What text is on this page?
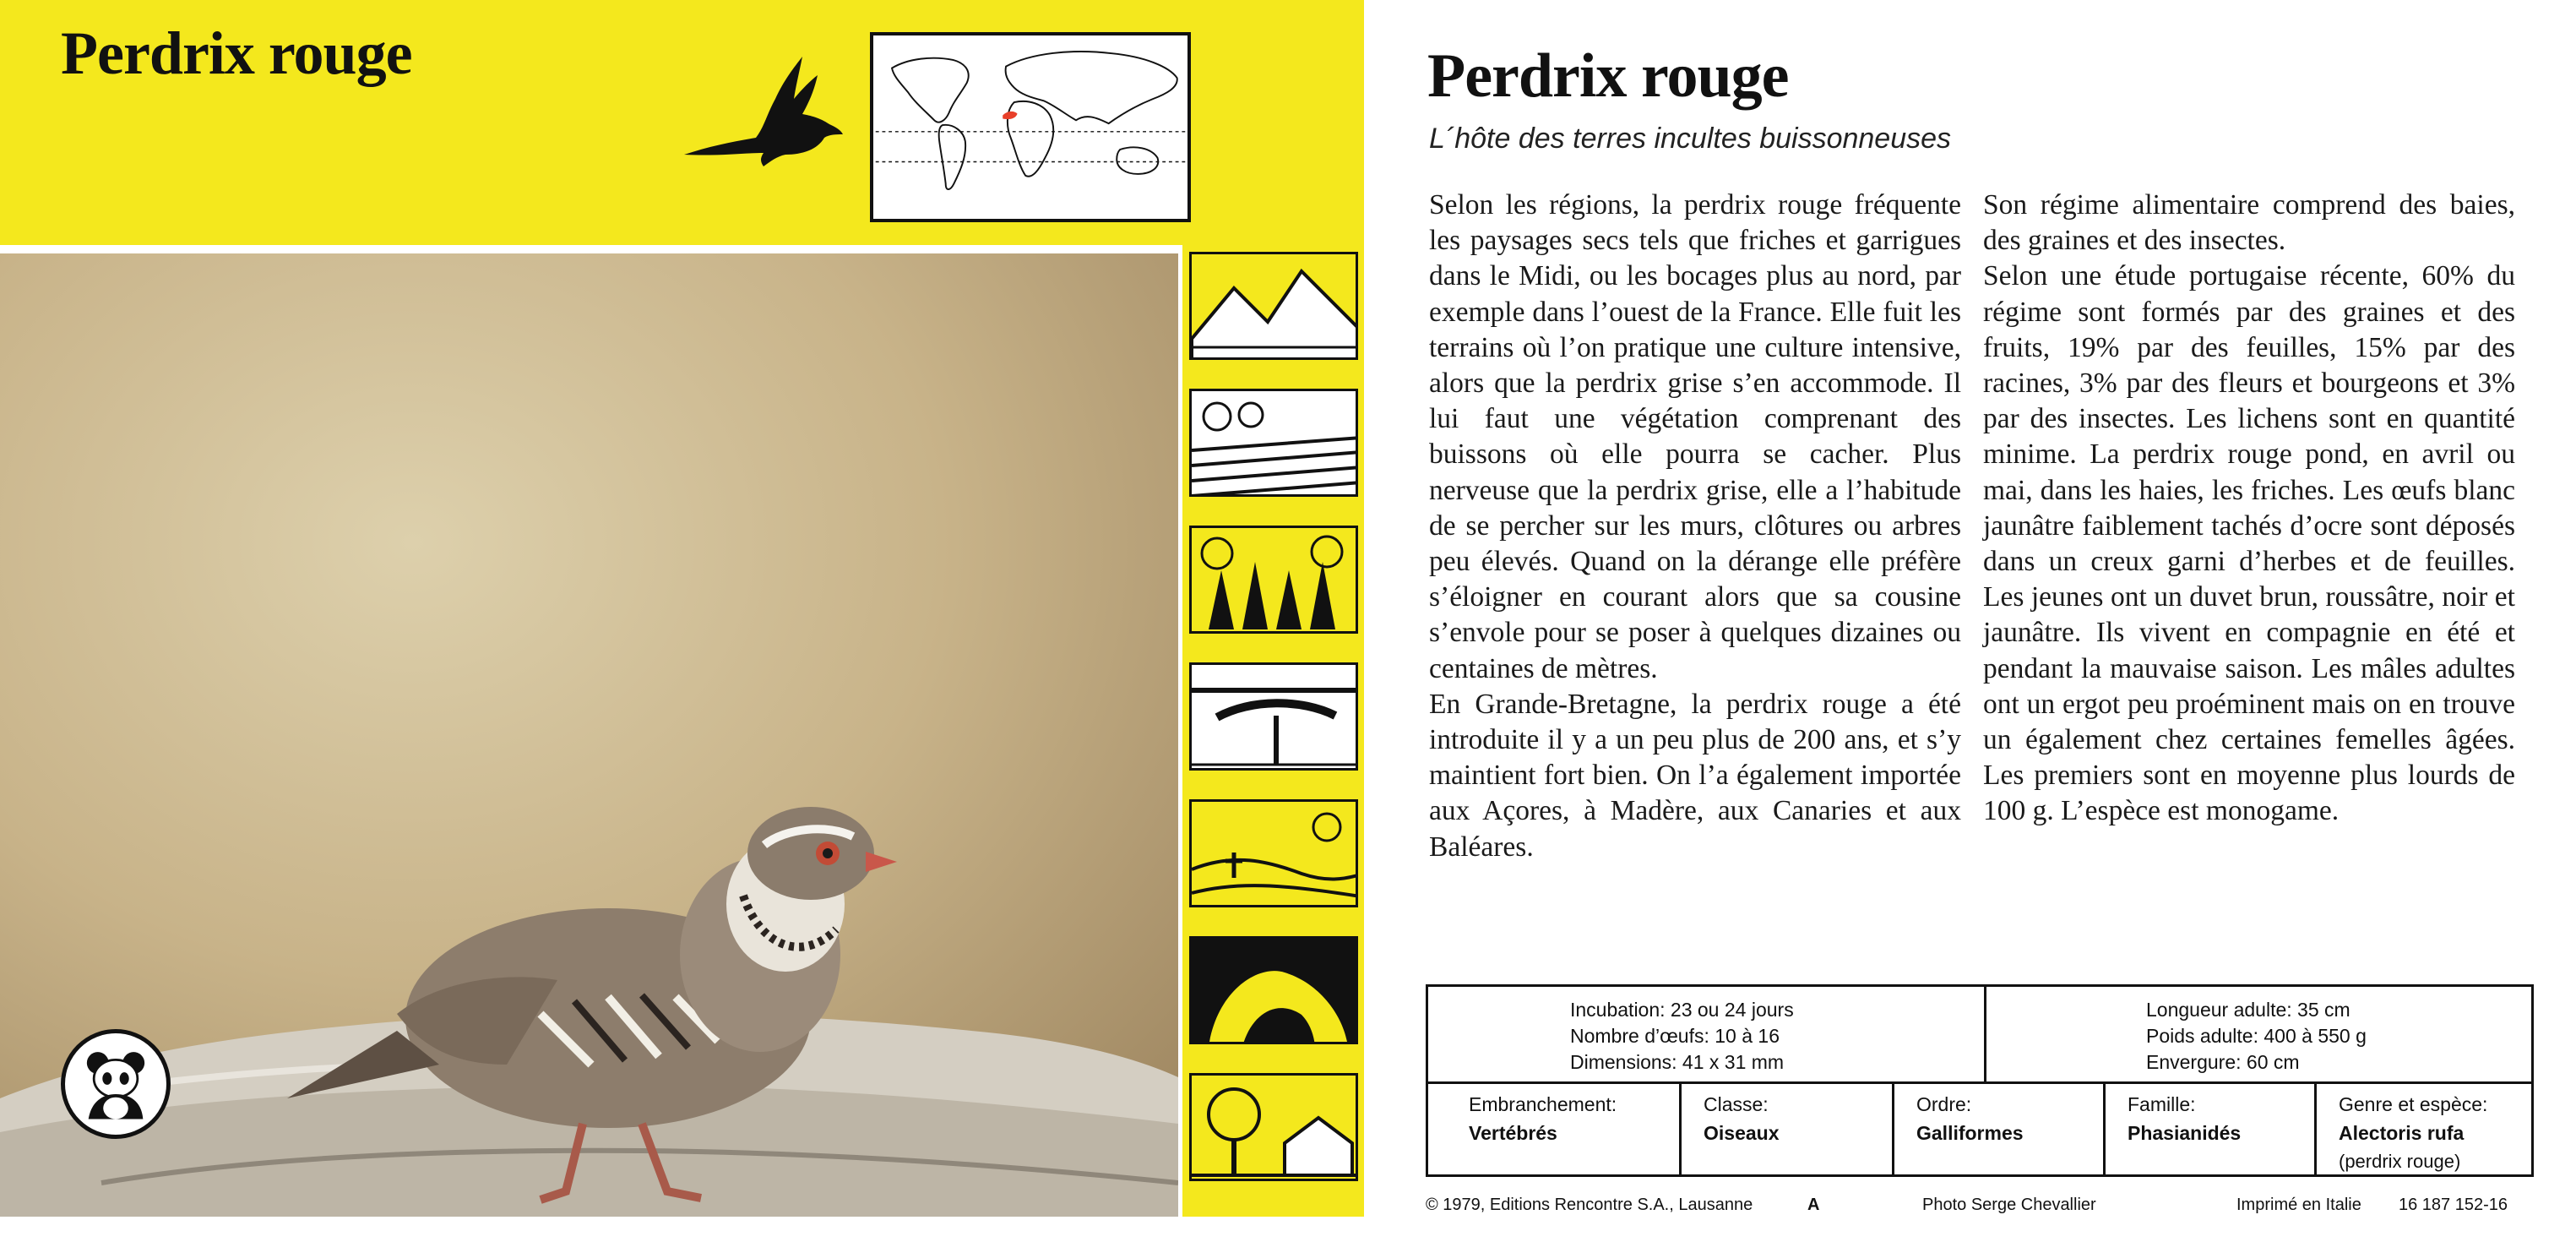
Perdrix rouge	Perdrix rouge
L´hôte des terres incultes buissonneuses

Selon les régions, la perdrix rouge fréquente les paysages secs tels que friches et garrigues dans le Midi, ou les bocages plus au nord, par exemple dans l’ouest de la France. Elle fuit les terrains où l’on pratique une culture intensive, alors que la perdrix grise s’en accommode. Il lui faut une végétation comprenant des buissons où elle pourra se cacher. Plus nerveuse que la perdrix grise, elle a l’habitude de se percher sur les murs, clôtures ou arbres peu élevés. Quand on la dérange elle préfère s’éloigner en courant alors que sa cousine s’envole pour se poser à quelques dizaines ou centaines de mètres.

En Grande-Bretagne, la perdrix rouge a été introduite il y a un peu plus de 200 ans, et s’y maintient fort bien. On l’a également importée aux Açores, à Madère, aux Canaries et aux Baléares.

Son régime alimentaire comprend des baies, des graines et des insectes.

Selon une étude portugaise récente, 60% du régime sont formés par des graines et des fruits, 19% par des feuilles, 15% par des racines, 3% par des fleurs et bourgeons et 3% par des insectes. Les lichens sont en quantité minime. La perdrix rouge pond, en avril ou mai, dans les haies, les friches. Les œufs blanc jaunâtre faiblement tachés d’ocre sont déposés dans un creux garni d’herbes et de feuilles. Les jeunes ont un duvet brun, roussâtre, noir et jaunâtre. Ils vivent en compagnie en été et pendant la mauvaise saison. Les mâles adultes ont un ergot peu proéminent mais on en trouve un également chez certaines femelles âgées. Les premiers sont en moyenne plus lourds de 100 g. L’espèce est monogame.

Incubation: 23 ou 24 jours
Nombre d’œufs: 10 à 16
Dimensions: 41 x 31 mm
Longueur adulte: 35 cm
Poids adulte: 400 à 550 g
Envergure: 60 cm
Embranchement:
Vertébrés
Classe:
Oiseaux
Ordre:
Galliformes
Famille:
Phasianidés
Genre et espèce:
Alectoris rufa
(perdrix rouge)
© 1979, Editions Rencontre S.A., Lausanne	A	Photo Serge Chevallier	Imprimé en Italie 16 187 152-16
